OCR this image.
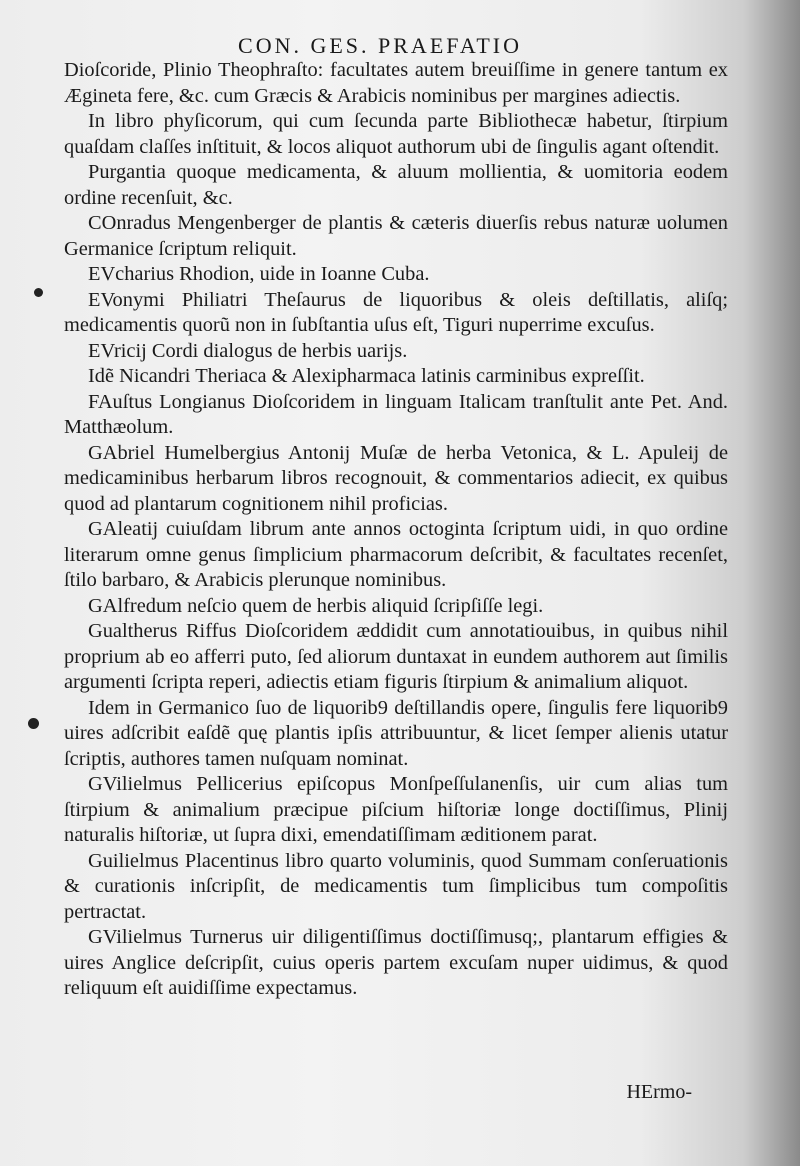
CON. GES. PRAEFATIO

Dioſcoride, Plinio Theophraſto: facultates autem breuiſſime in genere tantum ex Ægineta fere, &c. cum Græcis & Arabicis nominibus per margines adiectis.

In libro phyſicorum, qui cum ſecunda parte Bibliothecæ habetur, ſtirpium quaſdam claſſes inſtituit, & locos aliquot authorum ubi de ſingulis agant oſtendit.

Purgantia quoque medicamenta, & aluum mollientia, & uomitoria eodem ordine recenſuit, &c.

COnradus Mengenberger de plantis & cæteris diuerſis rebus naturæ uolumen Germanice ſcriptum reliquit.

EVcharius Rhodion, uide in Ioanne Cuba.

EVonymi Philiatri Theſaurus de liquoribus & oleis deſtillatis, aliſq; medicamentis quorũ non in ſubſtantia uſus eſt, Tiguri nuperrime excuſus.

EVricij Cordi dialogus de herbis uarijs.

Idẽ Nicandri Theriaca & Alexipharmaca latinis carminibus expreſſit.

FAuſtus Longianus Dioſcoridem in linguam Italicam tranſtulit ante Pet. And. Matthæolum.

GAbriel Humelbergius Antonij Muſæ de herba Vetonica, & L. Apuleij de medicaminibus herbarum libros recognouit, & commentarios adiecit, ex quibus quod ad plantarum cognitionem nihil proficias.

GAleatij cuiuſdam librum ante annos octoginta ſcriptum uidi, in quo ordine literarum omne genus ſimplicium pharmacorum deſcribit, & facultates recenſet, ſtilo barbaro, & Arabicis plerunque nominibus.

GAlfredum neſcio quem de herbis aliquid ſcripſiſſe legi.

Gualtherus Riffus Dioſcoridem æddidit cum annotatiouibus, in quibus nihil proprium ab eo afferri puto, ſed aliorum duntaxat in eundem authorem aut ſimilis argumenti ſcripta reperi, adiectis etiam figuris ſtirpium & animalium aliquot.

Idem in Germanico ſuo de liquorib9 deſtillandis opere, ſingulis fere liquorib9 uires adſcribit eaſdẽ quę plantis ipſis attribuuntur, & licet ſemper alienis utatur ſcriptis, authores tamen nuſquam nominat.

GVilielmus Pellicerius epiſcopus Monſpeſſulanenſis, uir cum alias tum ſtirpium & animalium præcipue piſcium hiſtoriæ longe doctiſſimus, Plinij naturalis hiſtoriæ, ut ſupra dixi, emendatiſſimam æditionem parat.

Guilielmus Placentinus libro quarto voluminis, quod Summam conſeruationis & curationis inſcripſit, de medicamentis tum ſimplicibus tum compoſitis pertractat.

GVilielmus Turnerus uir diligentiſſimus doctiſſimusq;, plantarum effigies & uires Anglice deſcripſit, cuius operis partem excuſam nuper uidimus, & quod reliquum eſt auidiſſime expectamus.

HErmo-
